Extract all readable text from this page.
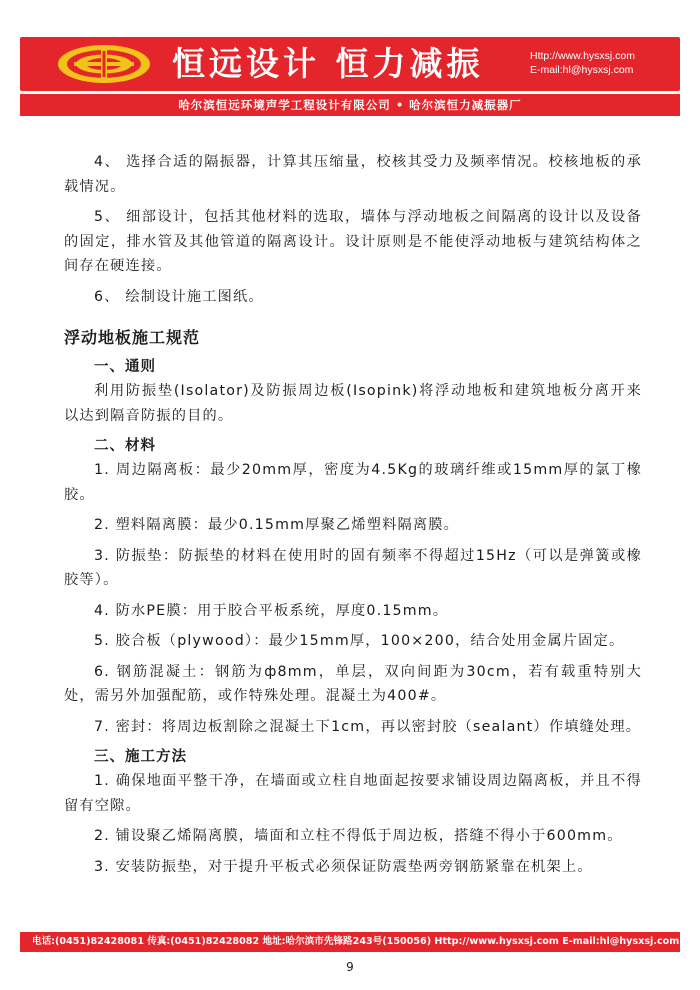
恒远设计 恒力减振	Http://www.hysxsj.com
E-mail:hl@hysxsj.com
哈尔滨恒远环境声学工程设计有限公司 • 哈尔滨恒力减振器厂

4、 选择合适的隔振器，计算其压缩量，校核其受力及频率情况。校核地板的承载情况。

5、 细部设计，包括其他材料的选取，墙体与浮动地板之间隔离的设计以及设备的固定，排水管及其他管道的隔离设计。设计原则是不能使浮动地板与建筑结构体之间存在硬连接。

6、 绘制设计施工图纸。

浮动地板施工规范
一、通则

利用防振垫(Isolator)及防振周边板(Isopink)将浮动地板和建筑地板分离开来以达到隔音防振的目的。

二、材料

1. 周边隔离板：最少20mm厚，密度为4.5Kg的玻璃纤维或15mm厚的氯丁橡胶。

2. 塑料隔离膜：最少0.15mm厚聚乙烯塑料隔离膜。

3. 防振垫：防振垫的材料在使用时的固有频率不得超过15Hz（可以是弹簧或橡胶等）。

4. 防水PE膜：用于胶合平板系统，厚度0.15mm。

5. 胶合板（plywood）：最少15mm厚，100×200，结合处用金属片固定。

6. 钢筋混凝土：钢筋为ф8mm，单层，双向间距为30cm，若有载重特别大处，需另外加强配筋，或作特殊处理。混凝土为400#。

7. 密封：将周边板割除之混凝土下1cm，再以密封胶（sealant）作填缝处理。

三、施工方法

1. 确保地面平整干净，在墙面或立柱自地面起按要求铺设周边隔离板，并且不得留有空隙。

2. 铺设聚乙烯隔离膜，墙面和立柱不得低于周边板，搭缝不得小于600mm。

3. 安装防振垫，对于提升平板式必须保证防震垫两旁钢筋紧靠在机架上。

电话:(0451)82428081 传真:(0451)82428082 地址:哈尔滨市先锋路243号(150056) Http://www.hysxsj.com E-mail:hl@hysxsj.com
9
